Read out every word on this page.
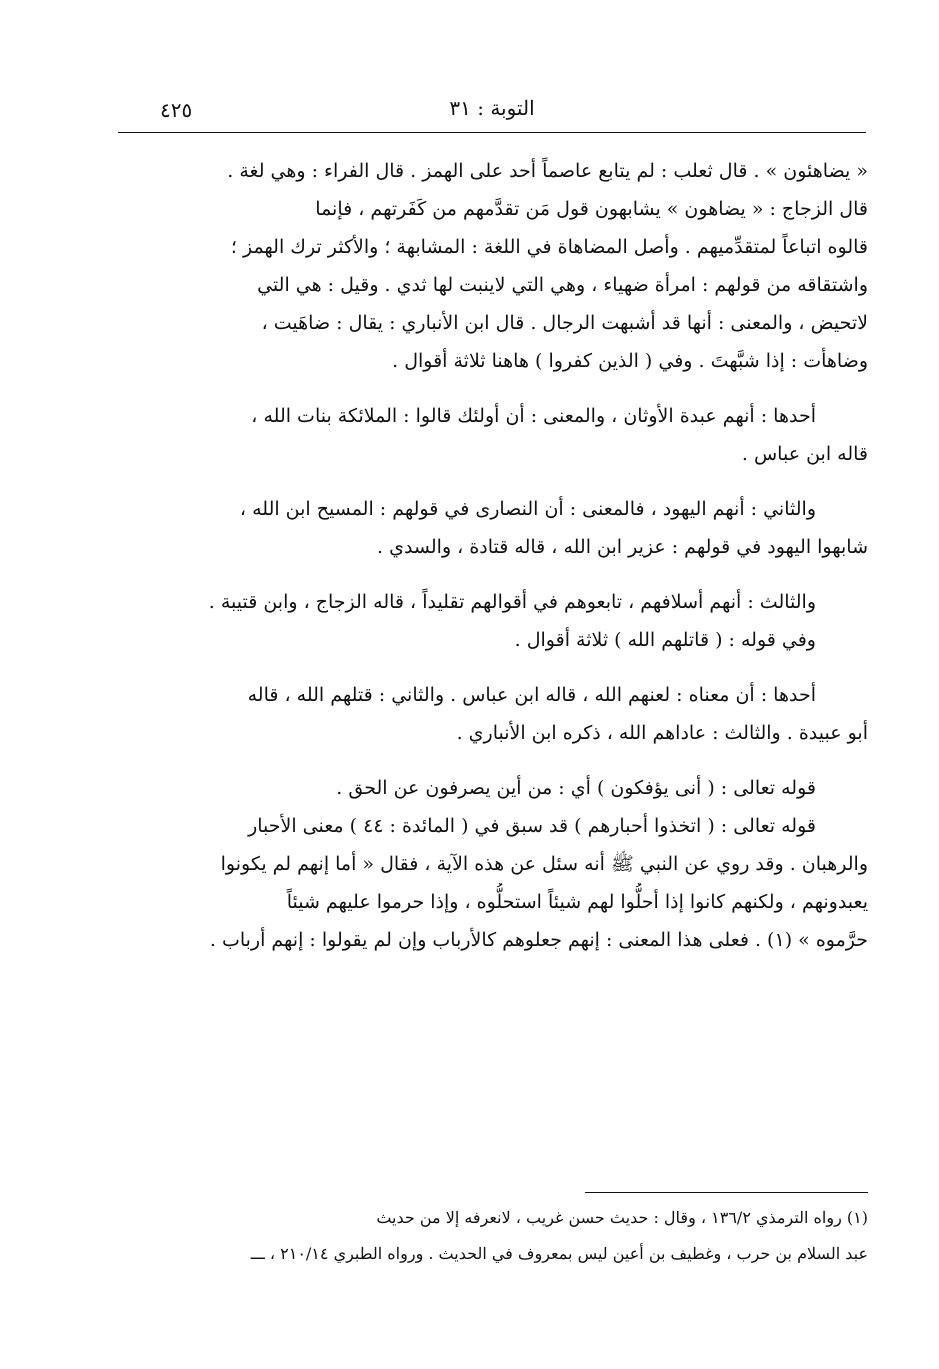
٤٢٥	التوبة : ٣١
« يضاهئون » . قال ثعلب : لم يتابع عاصماً أحد على الهمز . قال الفراء : وهي لغة .
قال الزجاج : « يضاهون » يشابهون قول مَن تقدَّمهم من كَفَرتهم ، فإنما
قالوه اتباعاً لمتقدِّميهم . وأصل المضاهاة في اللغة : المشابهة ؛ والأكثر ترك الهمز ؛
واشتقاقه من قولهم : امرأة ضهياء ، وهي التي لاينبت لها ثدي . وقيل : هي التي
لاتحيض ، والمعنى : أنها قد أشبهت الرجال . قال ابن الأنباري : يقال : ضاهَيت ،
وضاهأت : إذا شبَّهتَ . وفي ( الذين كفروا ) هاهنا ثلاثة أقوال .
أحدها : أنهم عبدة الأوثان ، والمعنى : أن أولئك قالوا : الملائكة بنات الله ،
قاله ابن عباس .
والثاني : أنهم اليهود ، فالمعنى : أن النصارى في قولهم : المسيح ابن الله ،
شابهوا اليهود في قولهم : عزير ابن الله ، قاله قتادة ، والسدي .
والثالث : أنهم أسلافهم ، تابعوهم في أقوالهم تقليداً ، قاله الزجاج ، وابن قتيبة .
وفي قوله : ( قاتلهم الله ) ثلاثة أقوال .
أحدها : أن معناه : لعنهم الله ، قاله ابن عباس . والثاني : قتلهم الله ، قاله
أبو عبيدة . والثالث : عاداهم الله ، ذكره ابن الأنباري .
قوله تعالى : ( أنى يؤفكون ) أي : من أين يصرفون عن الحق .
قوله تعالى : ( اتخذوا أحبارهم ) قد سبق في ( المائدة : ٤٤ ) معنى الأحبار
والرهبان . وقد روي عن النبي ﷺ أنه سئل عن هذه الآية ، فقال « أما إنهم لم يكونوا
يعبدونهم ، ولكنهم كانوا إذا أحلُّوا لهم شيئاً استحلُّوه ، وإذا حرموا عليهم شيئاً
حرَّموه » (١) . فعلى هذا المعنى : إنهم جعلوهم كالأرباب وإن لم يقولوا : إنهم أرباب .
(١) رواه الترمذي ١٣٦/٢ ، وقال : حديث حسن غريب ، لانعرفه إلا من حديث
عبد السلام بن حرب ، وغطيف بن أعين ليس بمعروف في الحديث . ورواه الطبري ٢١٠/١٤ ، ـــ
